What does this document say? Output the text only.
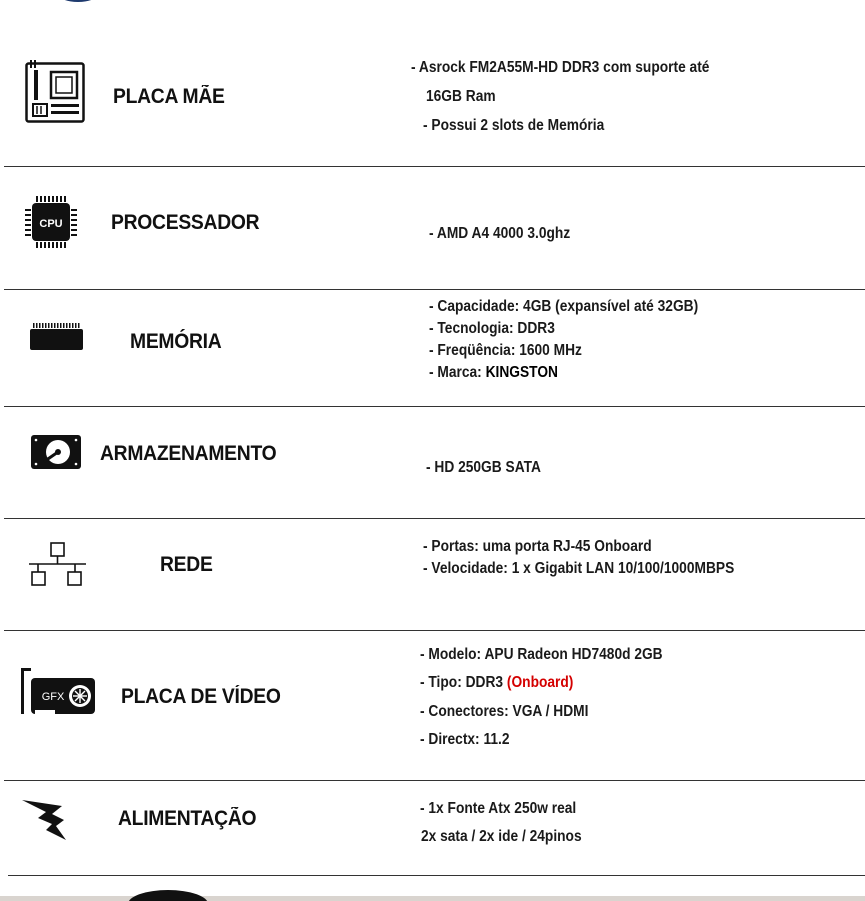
PLACA MÃE
- Asrock FM2A55M-HD DDR3 com suporte até
16GB Ram
- Possui 2 slots de Memória
CPU PROCESSADOR	- AMD A4 4000 3.0ghz
MEMÓRIA
- Capacidade: 4GB (expansível até 32GB)
- Tecnologia: DDR3
- Freqüência: 1600 MHz
- Marca: KINGSTON
ARMAZENAMENTO
- HD 250GB SATA
REDE
- Portas: uma porta RJ-45 Onboard
- Velocidade: 1 x Gigabit LAN 10/100/1000MBPS
GFX	PLACA DE VÍDEO
- Modelo: APU Radeon HD7480d 2GB
- Tipo: DDR3 (Onboard)
- Conectores: VGA / HDMI
- Directx: 11.2
ALIMENTAÇÃO	- 1x Fonte Atx 250w real
2x sata / 2x ide / 24pinos
